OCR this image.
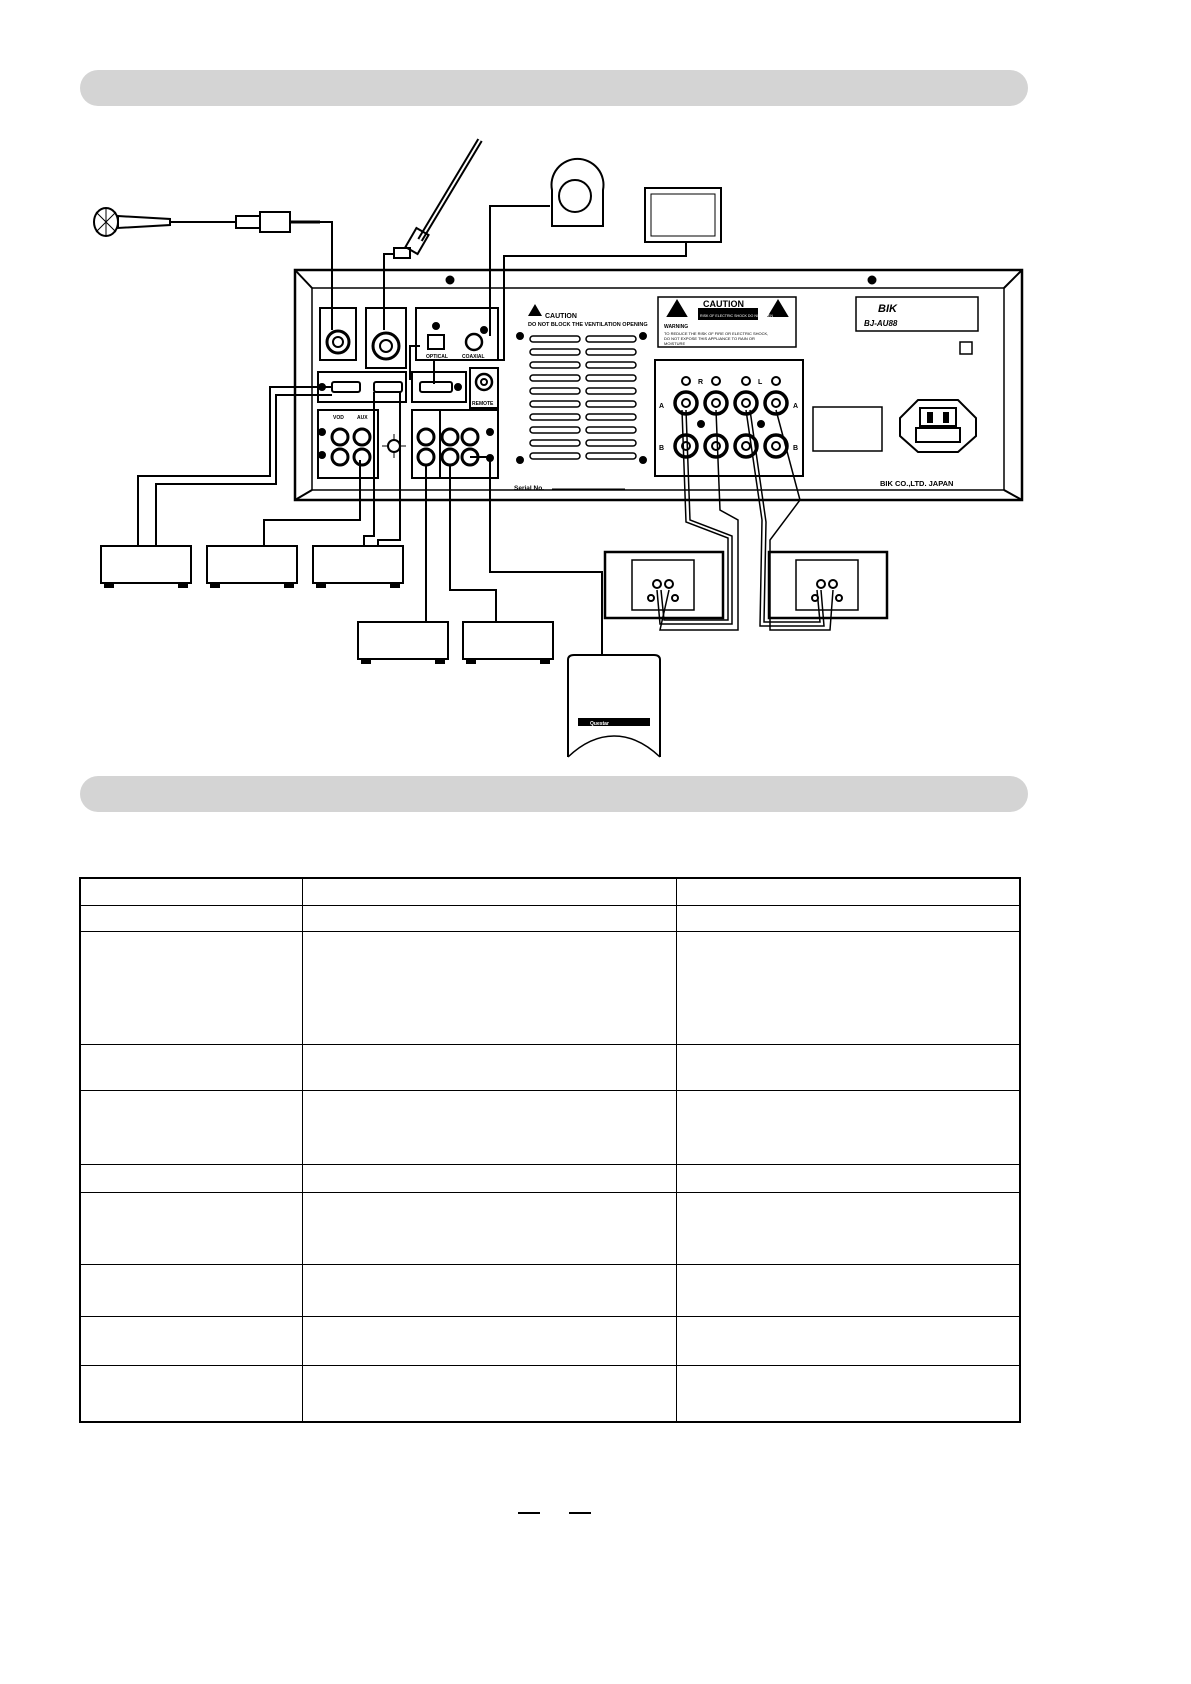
CAUTION
DO NOT BLOCK THE VENTILATION OPENING
CAUTION
RISK OF ELECTRIC SHOCK DO NOT OPEN
WARNING
TO REDUCE THE RISK OF FIRE OR ELECTRIC SHOCK,
DO NOT EXPOSE THIS APPLIANCE TO RAIN OR
MOISTURE
BIK
BJ-AU88
BIK CO.,LTD. JAPAN
Serial No.
OPTICAL	COAXIAL
REMOTE
VOD	AUX
A	A
B	B
R	L
Questar
